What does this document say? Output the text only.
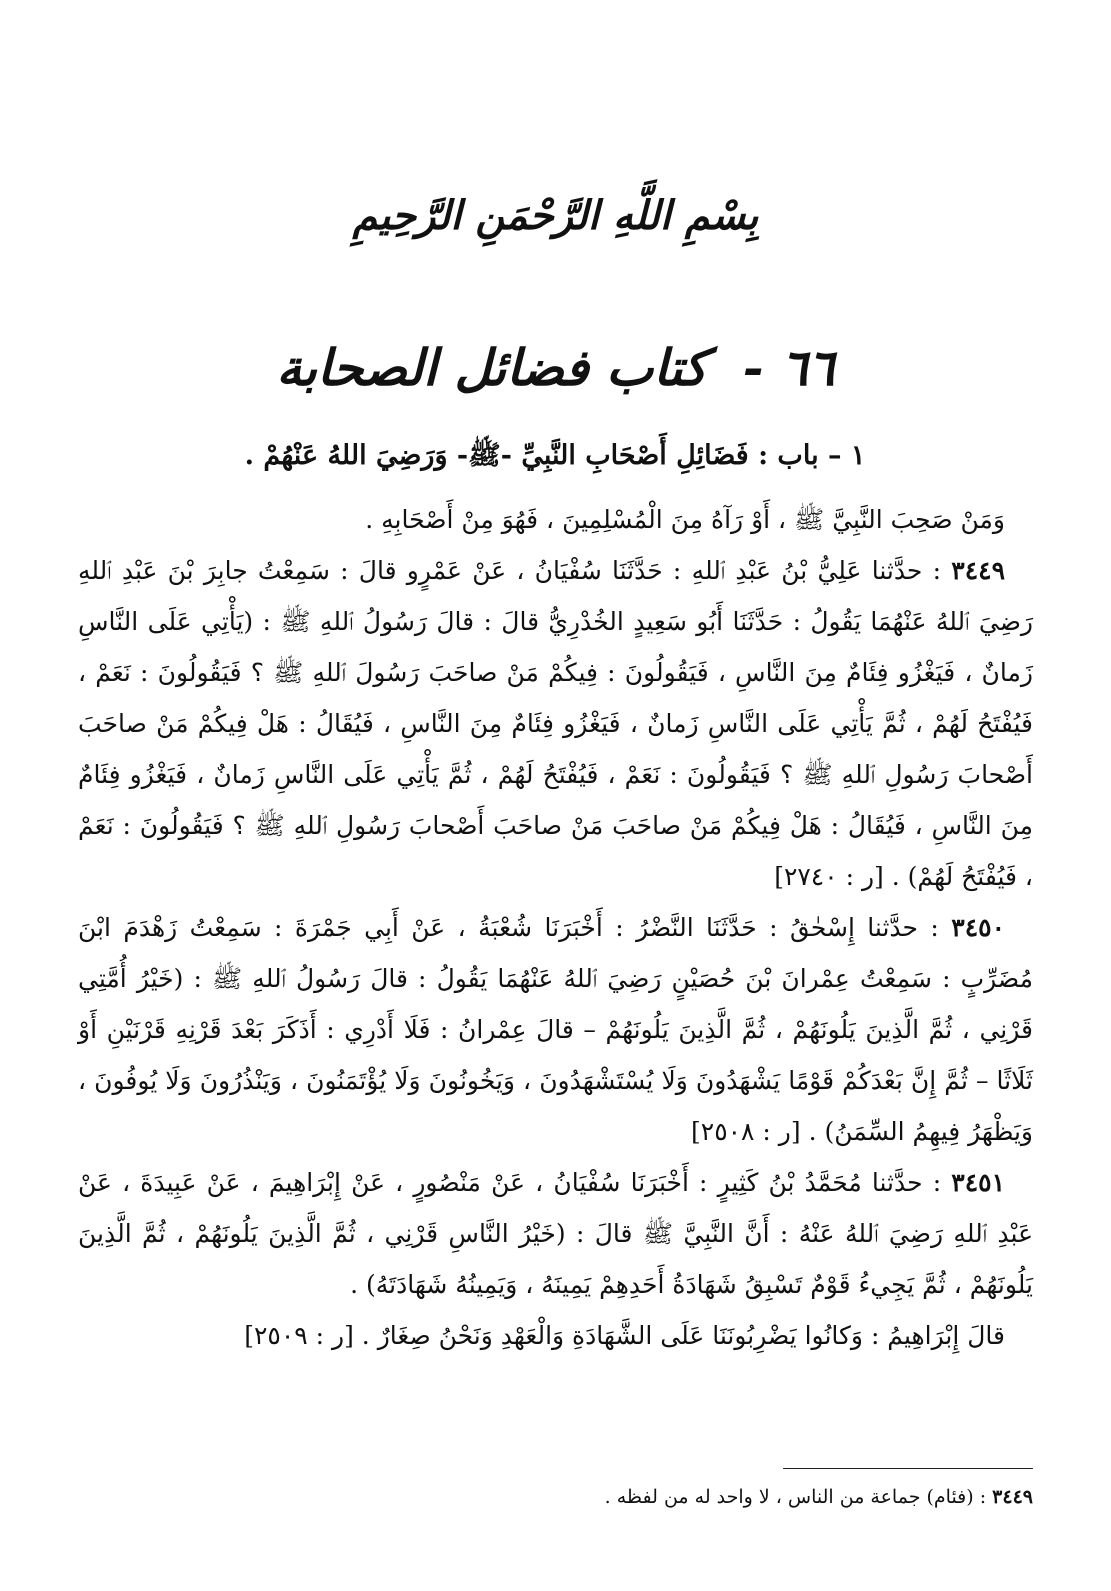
بِسْمِ اللَّهِ الرَّحْمَنِ الرَّحِيمِ
٦٦ - كتاب فضائل الصحابة
١ – باب : فَضَائِلِ أَصْحَابِ النَّبِيِّ -ﷺ- وَرَضِيَ اللهُ عَنْهُمْ .

وَمَنْ صَحِبَ النَّبِيَّ ﷺ ، أَوْ رَآهُ مِنَ الْمُسْلِمِينَ ، فَهُوَ مِنْ أَصْحَابِهِ .

٣٤٤٩ : حدَّثنا عَلِيُّ بْنُ عَبْدِ ٱللهِ : حَدَّثَنَا سُفْيَانُ ، عَنْ عَمْرٍو قالَ : سَمِعْتُ جابِرَ بْنَ عَبْدِ ٱللهِ رَضِيَ ٱللهُ عَنْهُمَا يَقُولُ : حَدَّثَنَا أَبُو سَعِيدٍ الخُدْرِيُّ قالَ : قالَ رَسُولُ ٱللهِ ﷺ : (يَأْتِي عَلَى النَّاسِ زَمانٌ ، فَيَغْزُو فِئَامٌ مِنَ النَّاسِ ، فَيَقُولُونَ : فِيكُمْ مَنْ صاحَبَ رَسُولَ ٱللهِ ﷺ ؟ فَيَقُولُونَ : نَعَمْ ، فَيُفْتَحُ لَهُمْ ، ثُمَّ يَأْتِي عَلَى النَّاسِ زَمانٌ ، فَيَغْزُو فِئَامٌ مِنَ النَّاسِ ، فَيُقَالُ : هَلْ فِيكُمْ مَنْ صاحَبَ أَصْحابَ رَسُولِ ٱللهِ ﷺ ؟ فَيَقُولُونَ : نَعَمْ ، فَيُفْتَحُ لَهُمْ ، ثُمَّ يَأْتِي عَلَى النَّاسِ زَمانٌ ، فَيَغْزُو فِئَامٌ مِنَ النَّاسِ ، فَيُقَالُ : هَلْ فِيكُمْ مَنْ صاحَبَ مَنْ صاحَبَ أَصْحابَ رَسُولِ ٱللهِ ﷺ ؟ فَيَقُولُونَ : نَعَمْ ، فَيُفْتَحُ لَهُمْ) . [ر : ٢٧٤٠]

٣٤٥٠ : حدَّثنا إِسْحٰقُ : حَدَّثَنَا النَّضْرُ : أَخْبَرَنَا شُعْبَةُ ، عَنْ أَبِي جَمْرَةَ : سَمِعْتُ زَهْدَمَ ابْنَ مُضَرِّبٍ : سَمِعْتُ عِمْرانَ بْنَ حُصَيْنٍ رَضِيَ ٱللهُ عَنْهُمَا يَقُولُ : قالَ رَسُولُ ٱللهِ ﷺ : (خَيْرُ أُمَّتِي قَرْنِي ، ثُمَّ الَّذِينَ يَلُونَهُمْ ، ثُمَّ الَّذِينَ يَلُونَهُمْ – قالَ عِمْرانُ : فَلَا أَدْرِي : أَذَكَرَ بَعْدَ قَرْنِهِ قَرْنَيْنِ أَوْ ثَلَاثًا – ثُمَّ إِنَّ بَعْدَكُمْ قَوْمًا يَشْهَدُونَ وَلَا يُسْتَشْهَدُونَ ، وَيَخُونُونَ وَلَا يُؤْتَمَنُونَ ، وَيَنْذُرُونَ وَلَا يُوفُونَ ، وَيَظْهَرُ فِيهِمُ السِّمَنُ) . [ر : ٢٥٠٨]

٣٤٥١ : حدَّثنا مُحَمَّدُ بْنُ كَثِيرٍ : أَخْبَرَنَا سُفْيَانُ ، عَنْ مَنْصُورٍ ، عَنْ إِبْرَاهِيمَ ، عَنْ عَبِيدَةَ ، عَنْ عَبْدِ ٱللهِ رَضِيَ ٱللهُ عَنْهُ : أَنَّ النَّبِيَّ ﷺ قالَ : (خَيْرُ النَّاسِ قَرْنِي ، ثُمَّ الَّذِينَ يَلُونَهُمْ ، ثُمَّ الَّذِينَ يَلُونَهُمْ ، ثُمَّ يَجِيءُ قَوْمٌ تَسْبِقُ شَهَادَةُ أَحَدِهِمْ يَمِينَهُ ، وَيَمِينُهُ شَهَادَتَهُ) .

قالَ إِبْرَاهِيمُ : وَكانُوا يَضْرِبُونَنَا عَلَى الشَّهَادَةِ وَالْعَهْدِ وَنَحْنُ صِغَارٌ . [ر : ٢٥٠٩]

٣٤٤٩ : (فئام) جماعة من الناس ، لا واحد له من لفظه .
